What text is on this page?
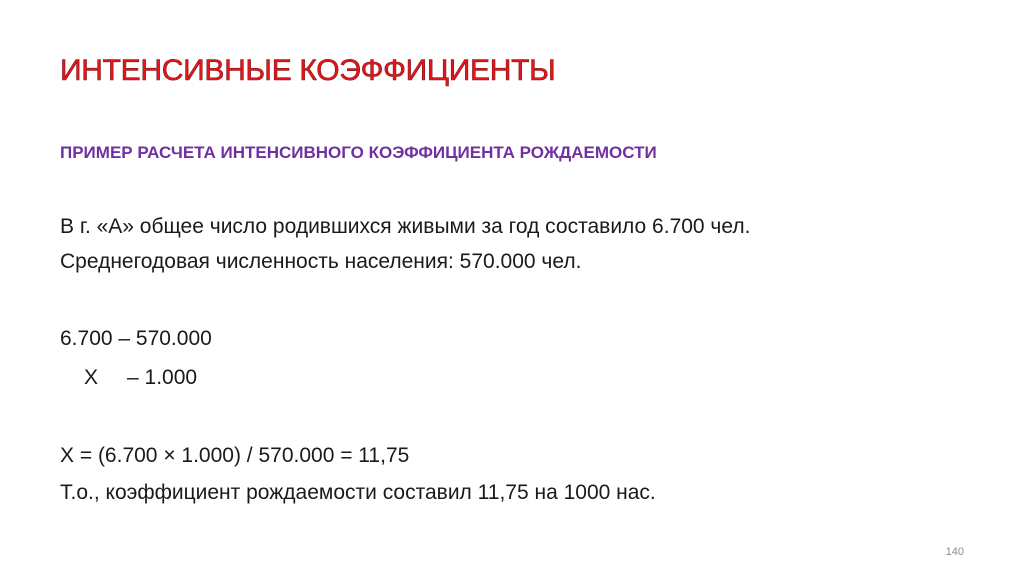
ИНТЕНСИВНЫЕ КОЭФФИЦИЕНТЫ

ПРИМЕР РАСЧЕТА ИНТЕНСИВНОГО КОЭФФИЦИЕНТА РОЖДАЕМОСТИ

В г. «А» общее число родившихся живыми за год составило 6.700 чел.

Среднегодовая численность населения: 570.000 чел.

6.700 – 570.000

X – 1.000

X = (6.700 × 1.000) / 570.000 = 11,75

Т.о., коэффициент рождаемости составил 11,75 на 1000 нас.

140
